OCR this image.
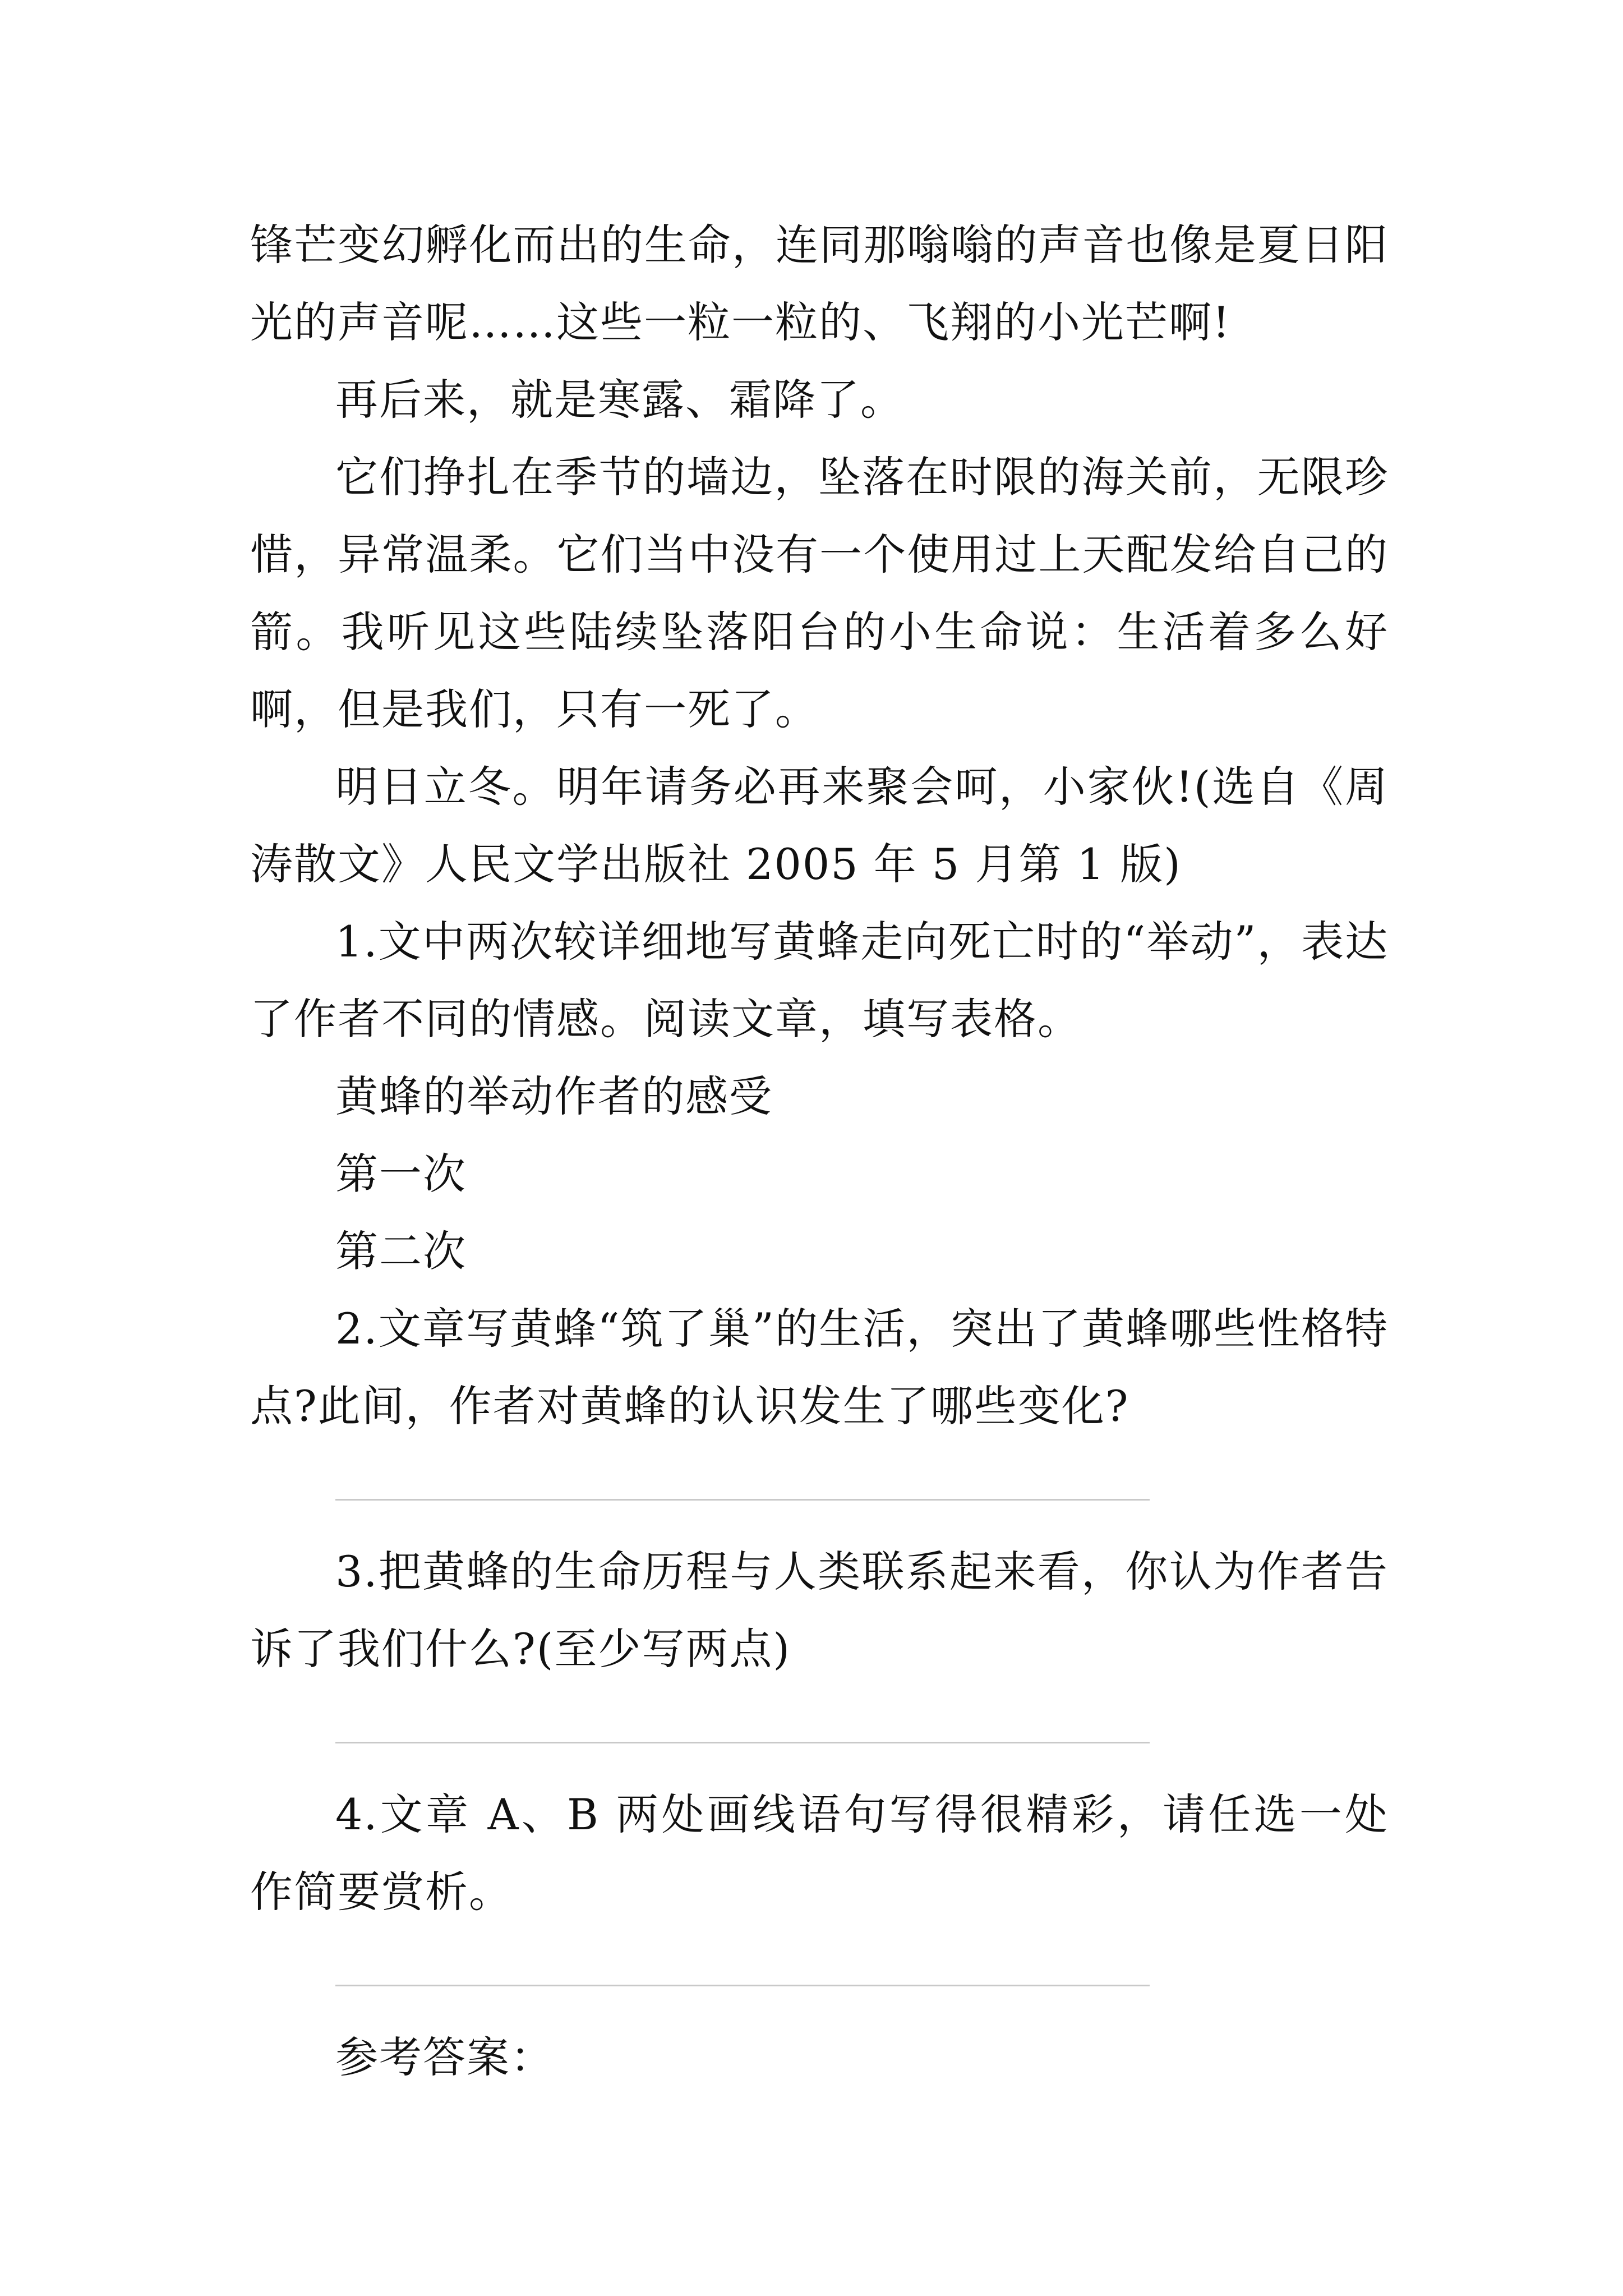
锋芒变幻孵化而出的生命，连同那嗡嗡的声音也像是夏日阳光的声音呢……这些一粒一粒的、飞翔的小光芒啊!

再后来，就是寒露、霜降了。

它们挣扎在季节的墙边，坠落在时限的海关前，无限珍惜，异常温柔。它们当中没有一个使用过上天配发给自己的箭。我听见这些陆续坠落阳台的小生命说：生活着多么好啊，但是我们，只有一死了。

明日立冬。明年请务必再来聚会呵，小家伙!(选自《周涛散文》人民文学出版社 2005 年 5 月第 1 版)

1.文中两次较详细地写黄蜂走向死亡时的“举动”，表达了作者不同的情感。阅读文章，填写表格。

黄蜂的举动作者的感受

第一次

第二次

2.文章写黄蜂“筑了巢”的生活，突出了黄蜂哪些性格特点?此间，作者对黄蜂的认识发生了哪些变化?

3.把黄蜂的生命历程与人类联系起来看，你认为作者告诉了我们什么?(至少写两点)

4.文章 A、B 两处画线语句写得很精彩，请任选一处作简要赏析。

参考答案：
